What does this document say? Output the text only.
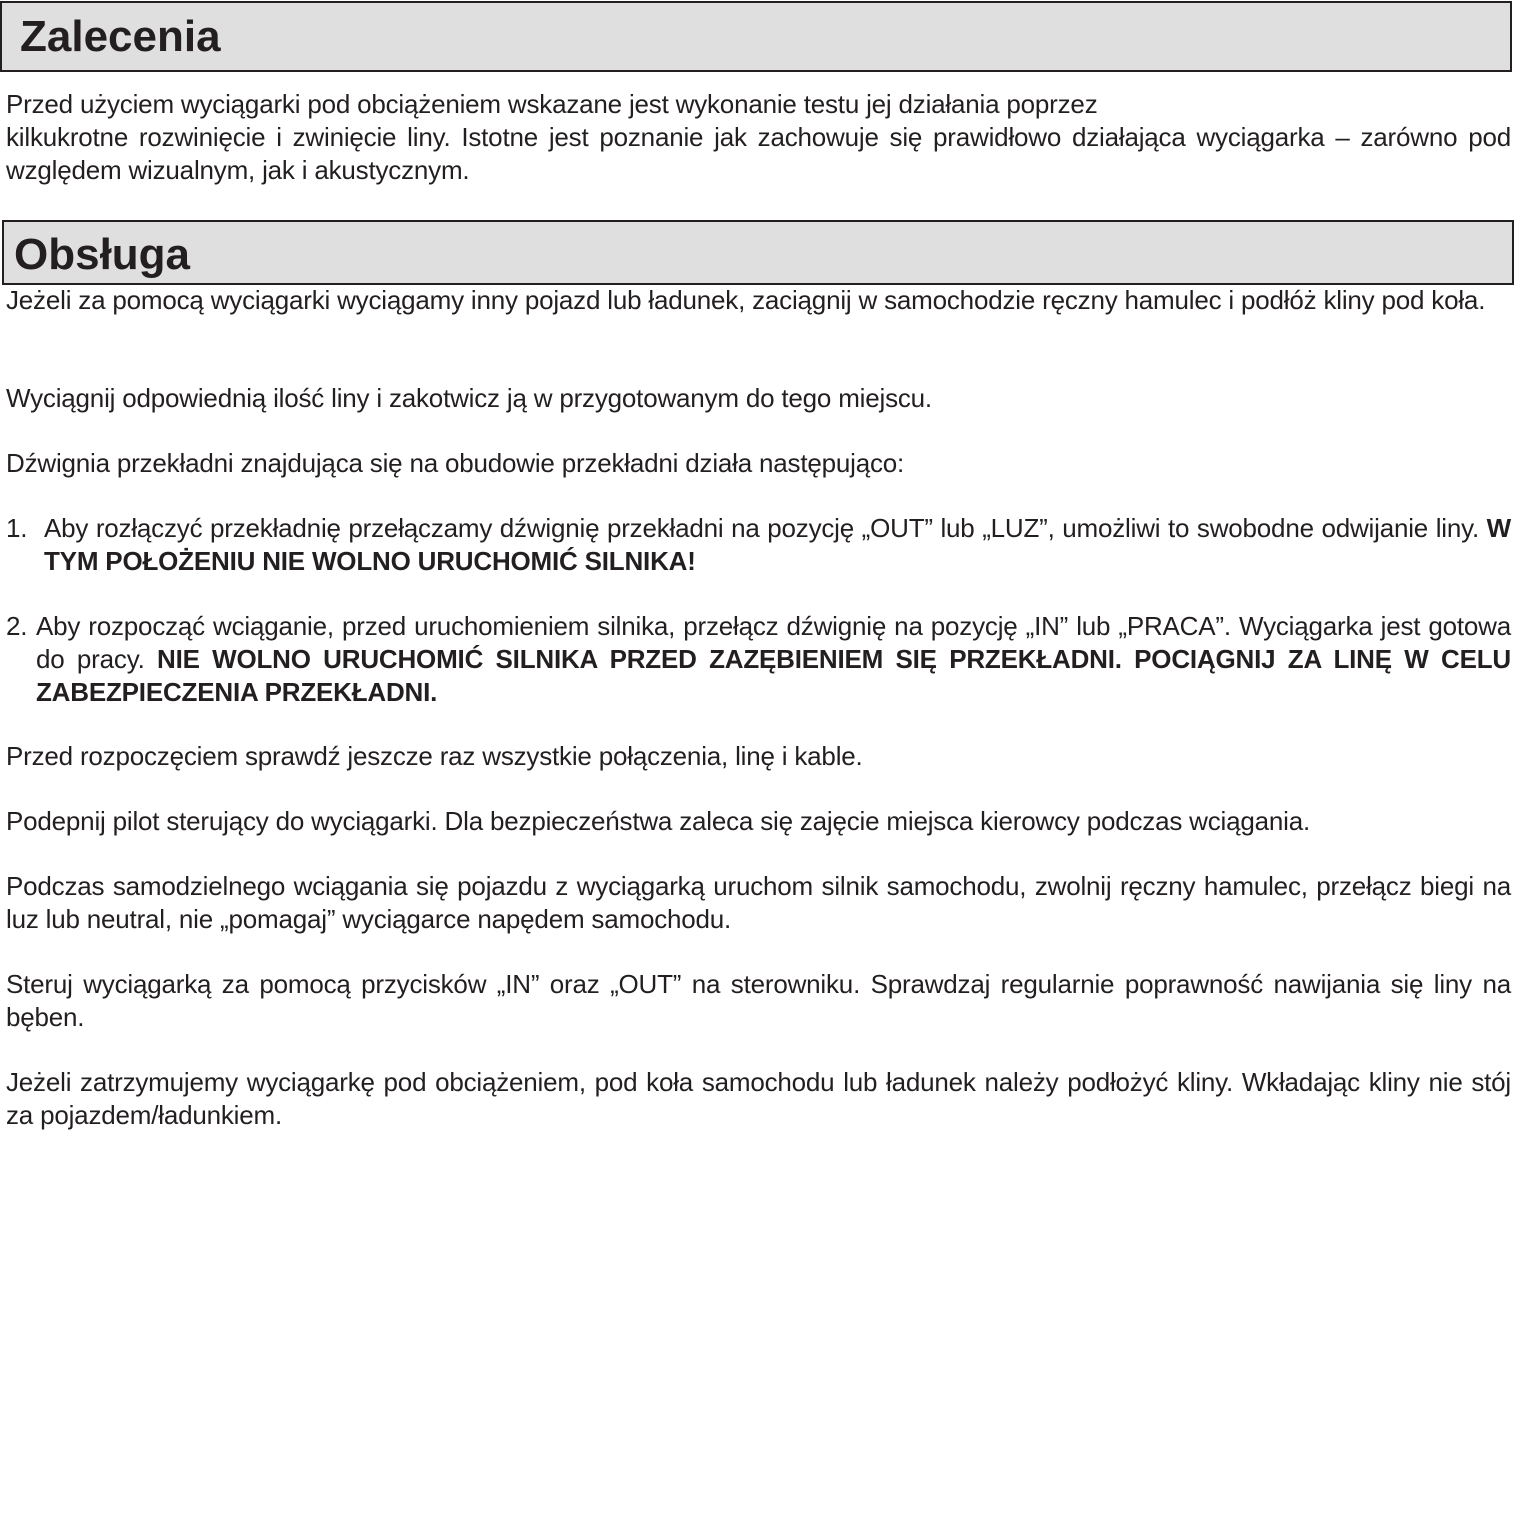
Zalecenia
Przed użyciem wyciągarki pod obciążeniem wskazane jest wykonanie testu jej działania poprzez
kilkukrotne rozwinięcie i zwinięcie liny. Istotne jest poznanie jak zachowuje się prawidłowo działająca wyciągarka – zarówno pod względem wizualnym, jak i akustycznym.
Obsługa

Jeżeli za pomocą wyciągarki wyciągamy inny pojazd lub ładunek, zaciągnij w samochodzie ręczny hamulec i podłóż kliny pod koła.

Wyciągnij odpowiednią ilość liny i zakotwicz ją w przygotowanym do tego miejscu.

Dźwignia przekładni znajdująca się na obudowie przekładni działa następująco:

1. Aby rozłączyć przekładnię przełączamy dźwignię przekładni na pozycję „OUT” lub „LUZ”, umożliwi to swobodne odwijanie liny. W TYM POŁOŻENIU NIE WOLNO URUCHOMIĆ SILNIKA!
2. Aby rozpocząć wciąganie, przed uruchomieniem silnika, przełącz dźwignię na pozycję „IN” lub „PRACA”. Wyciągarka jest gotowa do pracy. NIE WOLNO URUCHOMIĆ SILNIKA PRZED ZAZĘBIENIEM SIĘ PRZEKŁADNI. POCIĄGNIJ ZA LINĘ W CELU ZABEZPIECZENIA PRZEKŁADNI.

Przed rozpoczęciem sprawdź jeszcze raz wszystkie połączenia, linę i kable.

Podepnij pilot sterujący do wyciągarki. Dla bezpieczeństwa zaleca się zajęcie miejsca kierowcy podczas wciągania.

Podczas samodzielnego wciągania się pojazdu z wyciągarką uruchom silnik samochodu, zwolnij ręczny hamulec, przełącz biegi na luz lub neutral, nie „pomagaj” wyciągarce napędem samochodu.

Steruj wyciągarką za pomocą przycisków „IN” oraz „OUT” na sterowniku. Sprawdzaj regularnie poprawność nawijania się liny na bęben.

Jeżeli zatrzymujemy wyciągarkę pod obciążeniem, pod koła samochodu lub ładunek należy podłożyć kliny. Wkładając kliny nie stój za pojazdem/ładunkiem.
